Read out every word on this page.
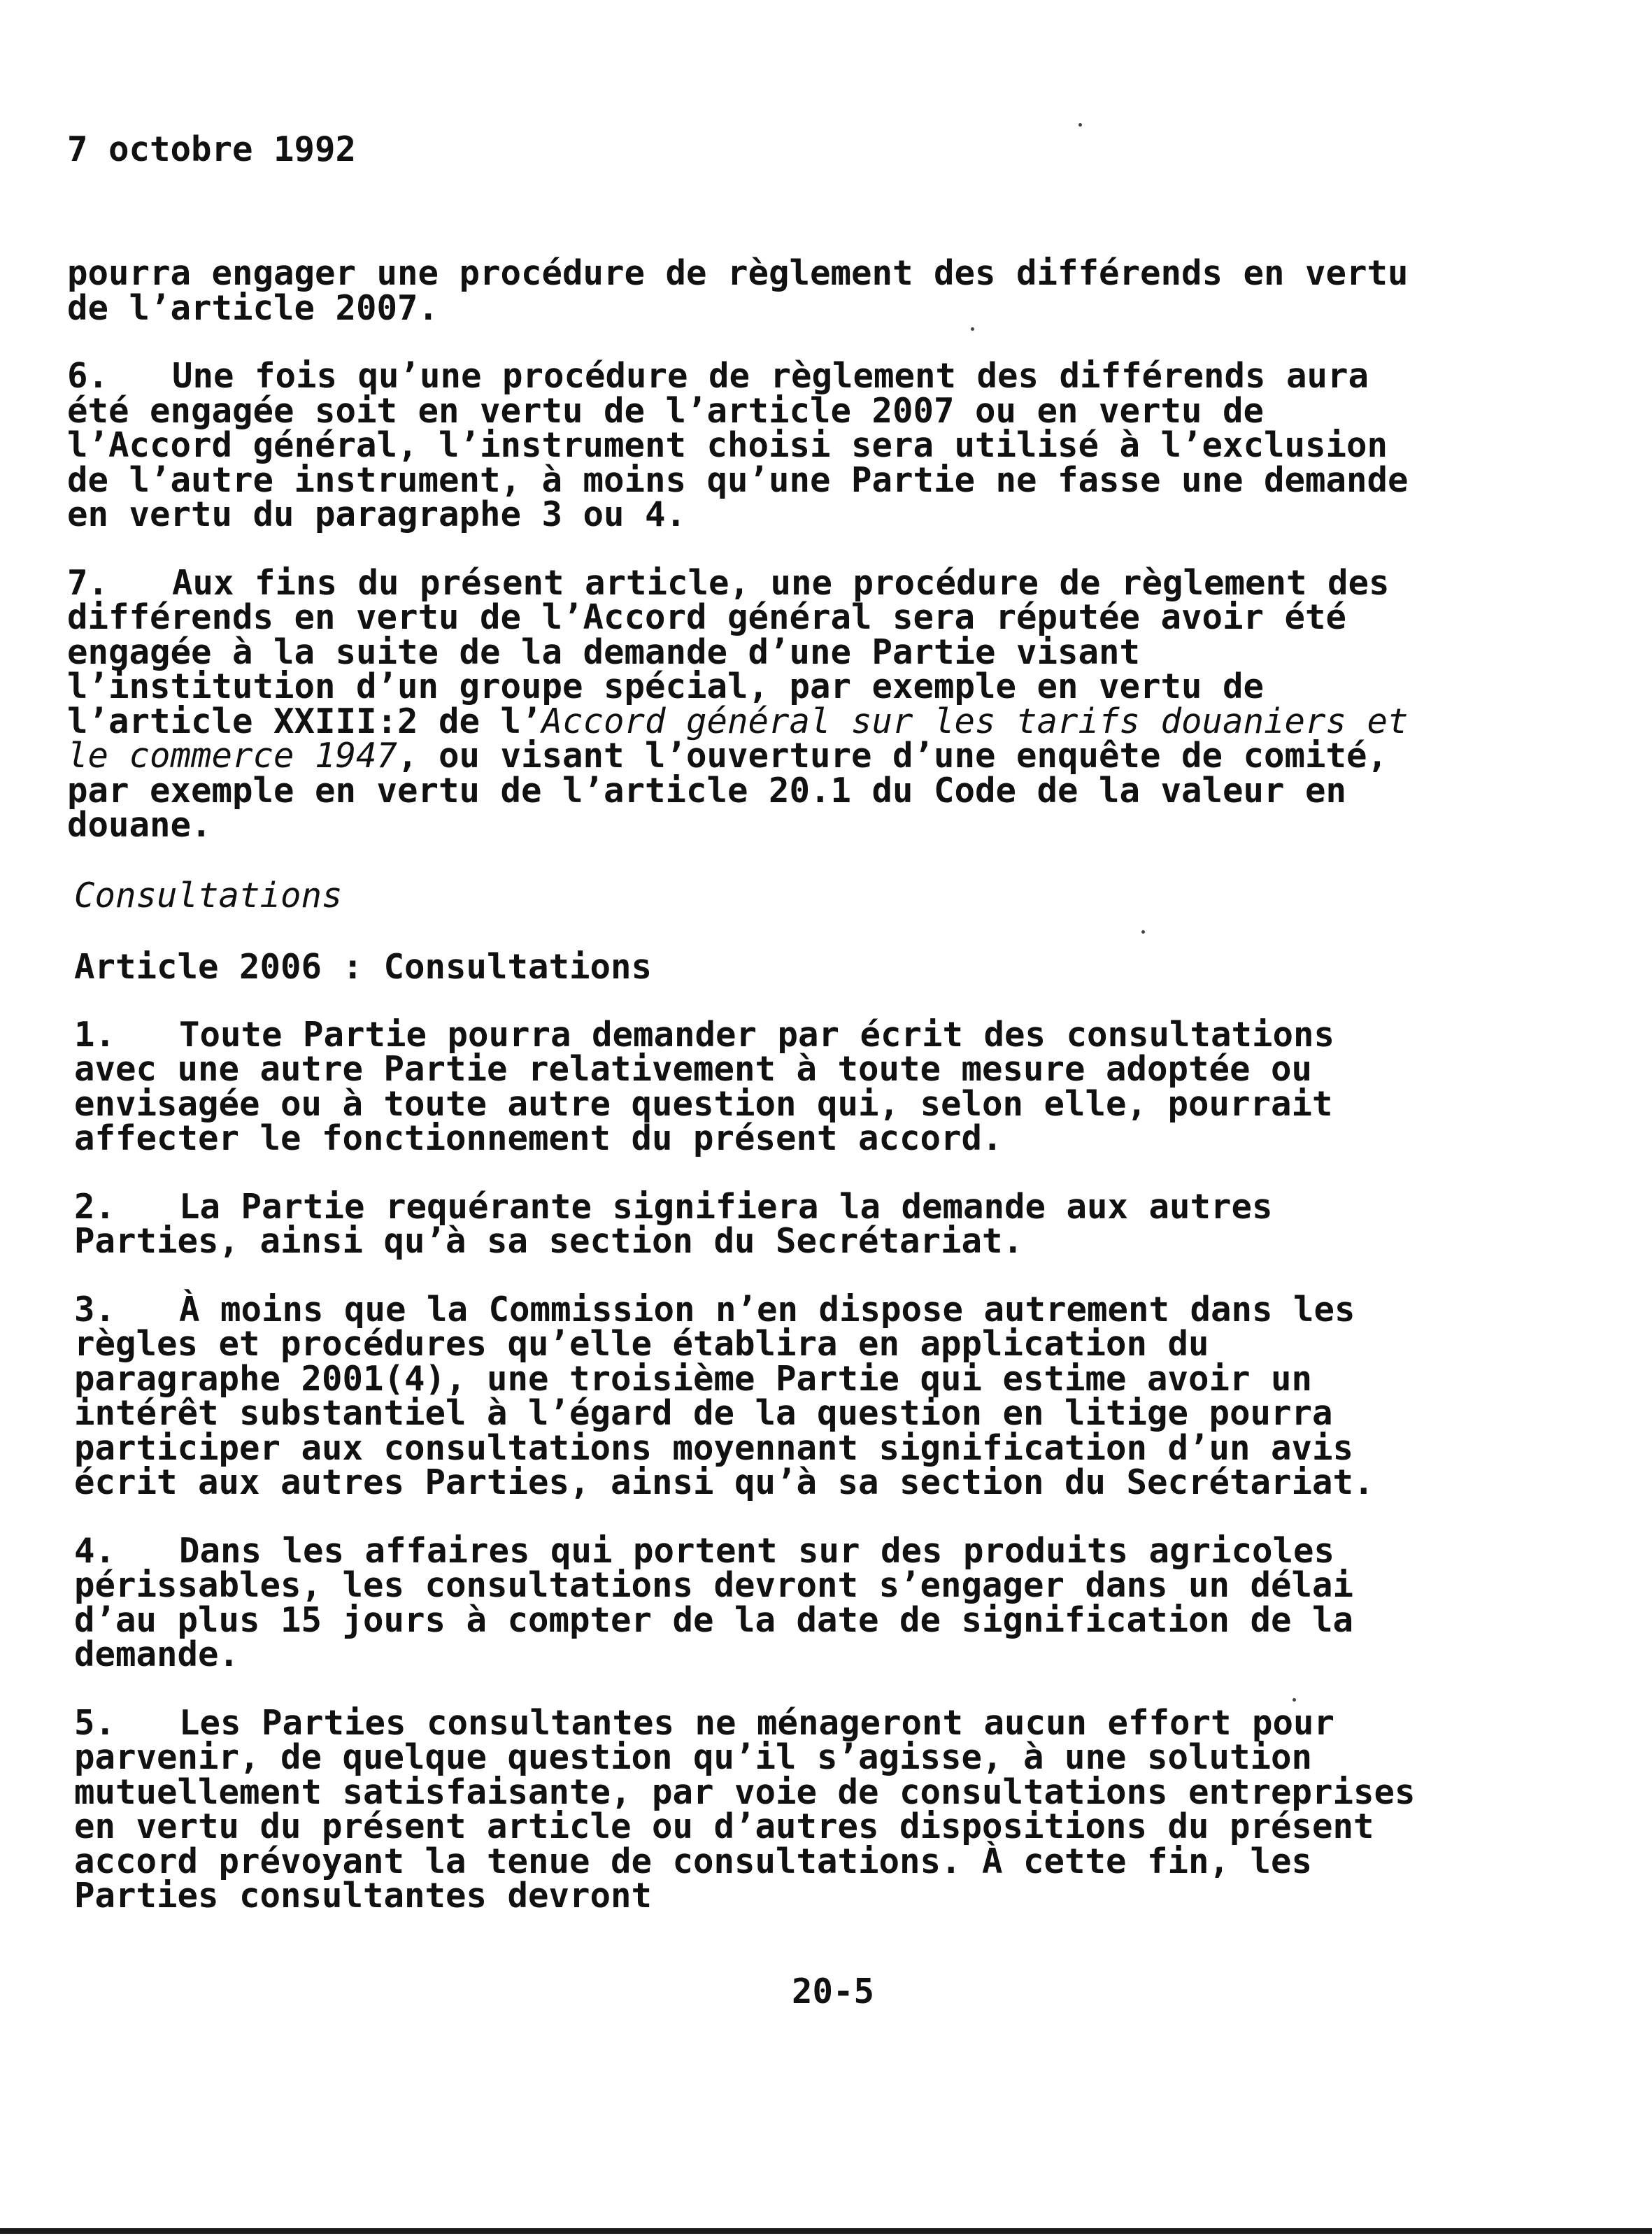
7 octobre 1992

pourra engager une procédure de règlement des différends en vertu
de l’article 2007.

6. Une fois qu’une procédure de règlement des différends aura
été engagée soit en vertu de l’article 2007 ou en vertu de
l’Accord général, l’instrument choisi sera utilisé à l’exclusion
de l’autre instrument, à moins qu’une Partie ne fasse une demande
en vertu du paragraphe 3 ou 4.

7. Aux fins du présent article, une procédure de règlement des
différends en vertu de l’Accord général sera réputée avoir été
engagée à la suite de la demande d’une Partie visant
l’institution d’un groupe spécial, par exemple en vertu de
l’article XXIII:2 de l’Accord général sur les tarifs douaniers et
le commerce 1947, ou visant l’ouverture d’une enquête de comité,
par exemple en vertu de l’article 20.1 du Code de la valeur en
douane.

Consultations
Article 2006 : Consultations

1. Toute Partie pourra demander par écrit des consultations
avec une autre Partie relativement à toute mesure adoptée ou
envisagée ou à toute autre question qui, selon elle, pourrait
affecter le fonctionnement du présent accord.

2. La Partie requérante signifiera la demande aux autres
Parties, ainsi qu’à sa section du Secrétariat.

3. À moins que la Commission n’en dispose autrement dans les
règles et procédures qu’elle établira en application du
paragraphe 2001(4), une troisième Partie qui estime avoir un
intérêt substantiel à l’égard de la question en litige pourra
participer aux consultations moyennant signification d’un avis
écrit aux autres Parties, ainsi qu’à sa section du Secrétariat.

4. Dans les affaires qui portent sur des produits agricoles
périssables, les consultations devront s’engager dans un délai
d’au plus 15 jours à compter de la date de signification de la
demande.

5. Les Parties consultantes ne ménageront aucun effort pour
parvenir, de quelque question qu’il s’agisse, à une solution
mutuellement satisfaisante, par voie de consultations entreprises
en vertu du présent article ou d’autres dispositions du présent
accord prévoyant la tenue de consultations. À cette fin, les
Parties consultantes devront

20-5
